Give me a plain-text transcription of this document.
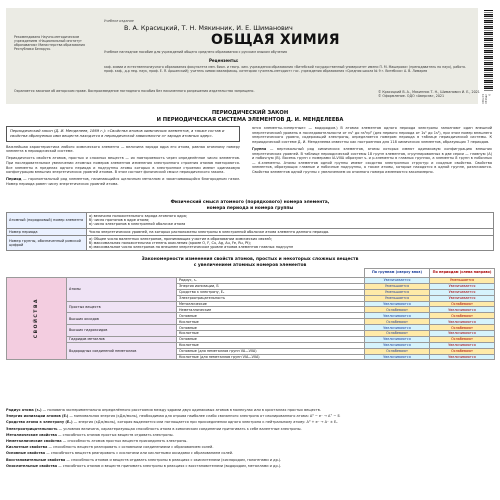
Рекомендовано Научно-методическим учреждением «Национальный институт образования» Министерства образования Республики Беларусь
Учебное издание
В. А. Красицкий, Т. Н. Мякинник, И. Е. Шиманович
ОБЩАЯ ХИМИЯ
Учебное наглядное пособие для учреждений общего среднего образования с русским языком обучения
Рецензенты:
каф. химии и естественнонаучного образования факультета мен. биол. и геогр. хим. учреждения образования «Витебский государственный университет имени П. М. Машерова» (преподаватель по наук), работа. проф. каф., д-р пед. наук, проф. Е. Я. Аршанский); учитель химии квалификац. категории «учитель-методист» гос. учреждения образования «Средняя школа № 9 г. Витебска» А. В. Лимарев
Охраняется законом об авторском праве. Воспроизведение наглядного пособия без письменного разрешения издательства запрещено.	© Красицкий В. А., Мякинник Т. Н., Шиманович И. Е., 2021 © Оформление. ОДО «Аверсэв», 2021	9 785190 107410
ПЕРИОДИЧЕСКИЙ ЗАКОН
И ПЕРИОДИЧЕСКАЯ СИСТЕМА ЭЛЕМЕНТОВ Д. И. МЕНДЕЛЕЕВА
Периодический закон (Д. И. Менделеев, 1869 г.): «Свойства атомов химических элементов, а также состав и свойства образуемых ими веществ находятся в периодической зависимости от заряда атомных ядер».

Важнейшая характеристика любого химического элемента — величина заряда ядра его атома, равная атомному номеру элемента в периодической системе.

Периодичность свойств атомов, простых и сложных веществ — их повторяемость через определённое число элементов. При последовательном увеличении атомных номеров элементов изменения электронного строения атомов повторяются. Все элементы в пределах одного периода и подгруппы атомы которых в электронном строении имеют одинаковую конфигурацию внешних энергетических уровней атомов. В этом состоит физический смысл периодического закона.

Период — горизонтальный ряд элементов, начинающийся щелочным металлом и заканчивающийся благородным газом. Номер периода равен числу энергетических уровней атома.

ются элементы-«инертные» — водородом.) В атомах элементов одного периода электроны заполняют один внешний энергетический уровень в последовательности от ns¹ до ns²np⁶ (для первого периода от 1s¹ до 1s²), при этом номер внешнего энергетического уровня, содержащий электроны, определяется номером периода в таблице периодической системы. К периодической системе Д. И. Менделеева известны как построенная для 118 химических элементов, образующих 7 периодов.

Группа — вертикальный ряд химических элементов, атомы которых имеют одинаковую конфигурацию внешних энергетических уровней. В таблице периодической системы 18 групп элементов, сгруппированных в две серии — главную (A) и побочную (B). Восемь групп с номерами IA-VIIIA образуют s- и p-элементы в главных группах, а элементы 8 групп в побочных — d-элементы. Атомы элементов одной группы имеют сходство электронных структур и сходные свойства. Свойства элементов, образующих главные и побочные подгруппы, а также атомы, которые находятся в одной группе, различаются. Свойства элементов одной группы с увеличением их атомного номера изменяются закономерно.

Физический смысл атомного (порядкового) номера элемента,
номера периода и номера группы
Атомный (порядковый) номер элемента	а) величина положительного заряда атомного ядра;
б) число протонов в ядре атома;
в) число электронов в электронной оболочке атома

Номер периода	Число энергетических уровней, на которых расположены электроны в электронной оболочке атома элемента данного периода.

Номер группы, обозначенный римской цифрой	а) Общее число валентных электронов, принимающих участие в образовании химических связей;
б) максимальная положительная степень окисления (кроме O, F, Cu, Ag, Au, Fe, Ru, Pt);
в) максимальное число электронов на внешнем энергетическом уровне атомов элементов главных подгрупп
Закономерности изменения свойств атомов, простых и некоторых сложных веществ
с увеличением атомных номеров элементов
			По группам (сверху вниз)	По периодам (слева направо)
СВОЙСТВА	Атомы	Радиус, rₐ	Увеличивается	Уменьшается
		Энергия ионизации, Eᵢ	Уменьшается	Увеличивается
		Сродство к электрону, Eₑ	Уменьшается	Увеличивается
		Электроотрицательность	Уменьшается	Увеличивается
	Простых веществ	Металлические	Увеличиваются	Ослабевают
		Неметаллические	Ослабевают	Увеличиваются
	Высших оксидов	Основные	Увеличиваются	Ослабевают
		Кислотные	Ослабевают	Увеличиваются
	Высших гидроксидов	Основные	Увеличиваются	Ослабевают
		Кислотные	Ослабевают	Увеличиваются
	Гидридов металлов	Основные	Увеличиваются	Ослабевают
	Водородных соединений неметаллов	Кислотные	Увеличиваются	Увеличиваются
		Основные (для неметаллов групп VA—VIIA)	Ослабевают	Ослабевают
		Кислотные (для неметаллов групп VIA—VIIA)	Увеличиваются	Увеличиваются

Радиус атома (rₐ) — половина экспериментально определённого расстояния между ядрами двух одинаковых атомов в молекулах или в кристаллах простых веществ.

Энергия ионизации атомов (Eᵢ) — минимальная энергия (кДж/моль), необходимая для отрыва наиболее слабо связанного электрона от изолированного атома: A⁰ − e⁻ → A⁺ − Eᵢ

Сродство атома к электрону (Eₑ) — энергия (кДж/моль), которая выделяется или поглощается при присоединении одного электрона к нейтральному атому: A⁰ + e⁻ → A⁻ ± Eₑ

Электроотрицательность — условная величина, характеризующая способность атома в химическом соединении притягивать к себе валентные электроны.

Металлические свойства — способность атомов простых веществ отдавать электроны.

Неметаллические свойства — способность атомов простых веществ присоединять электроны.

Кислотные свойства — способность веществ реагировать с основными соединениями с образованием солей.

Основные свойства — способность веществ реагировать с кислотами или кислотными оксидами с образованием солей.

Восстановительные свойства — способность атомов и веществ отдавать электроны в реакциях с окислителями (кислородом, галогенами и др.).

Окислительные свойства — способность атомов и веществ принимать электроны в реакциях с восстановителями (водородом, металлами и др.).
